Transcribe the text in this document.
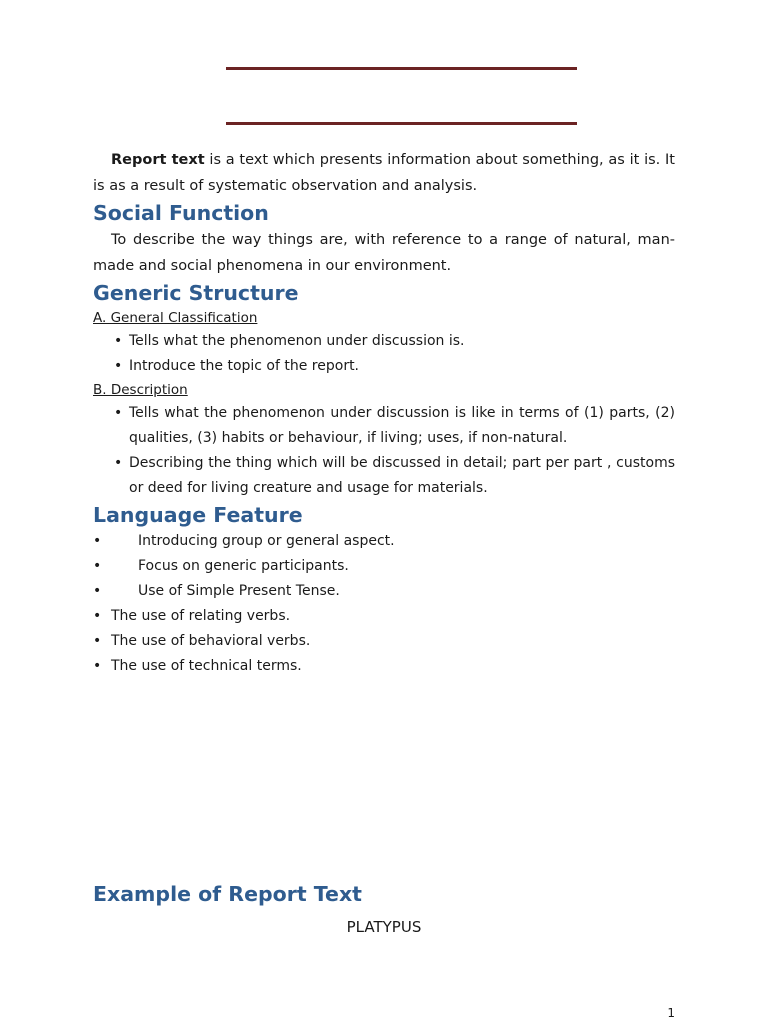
Report text is a text which presents information about something, as it is. It is as a result of systematic observation and analysis.

Social Function

To describe the way things are, with reference to a range of natural, man-made and social phenomena in our environment.

Generic Structure

A. General Classification

• Tells what the phenomenon under discussion is.
• Introduce the topic of the report.

B. Description

• Tells what the phenomenon under discussion is like in terms of (1) parts, (2) qualities, (3) habits or behaviour, if living; uses, if non-natural.
• Describing the thing which will be discussed in detail; part per part , customs or deed for living creature and usage for materials.
Language Feature
•	Introducing group or general aspect.
•	Focus on generic participants.
•	Use of Simple Present Tense.
• The use of relating verbs.
• The use of behavioral verbs.
• The use of technical terms.
Example of Report Text
PLATYPUS
1
